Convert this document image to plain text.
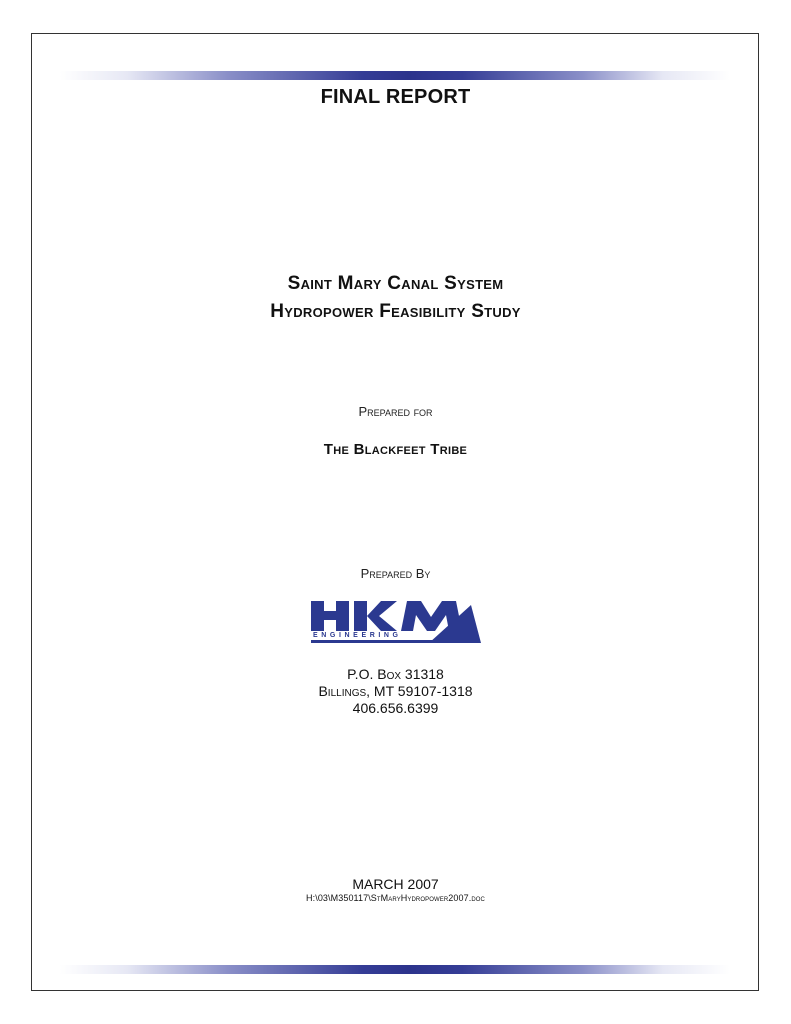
FINAL REPORT
Saint Mary Canal System
Hydropower Feasibility Study
Prepared for
The Blackfeet Tribe
Prepared By
ENGINEERING
P.O. Box 31318
Billings, MT 59107-1318
406.656.6399
MARCH 2007
H:\03\M350117\StMaryHydropower2007.doc
